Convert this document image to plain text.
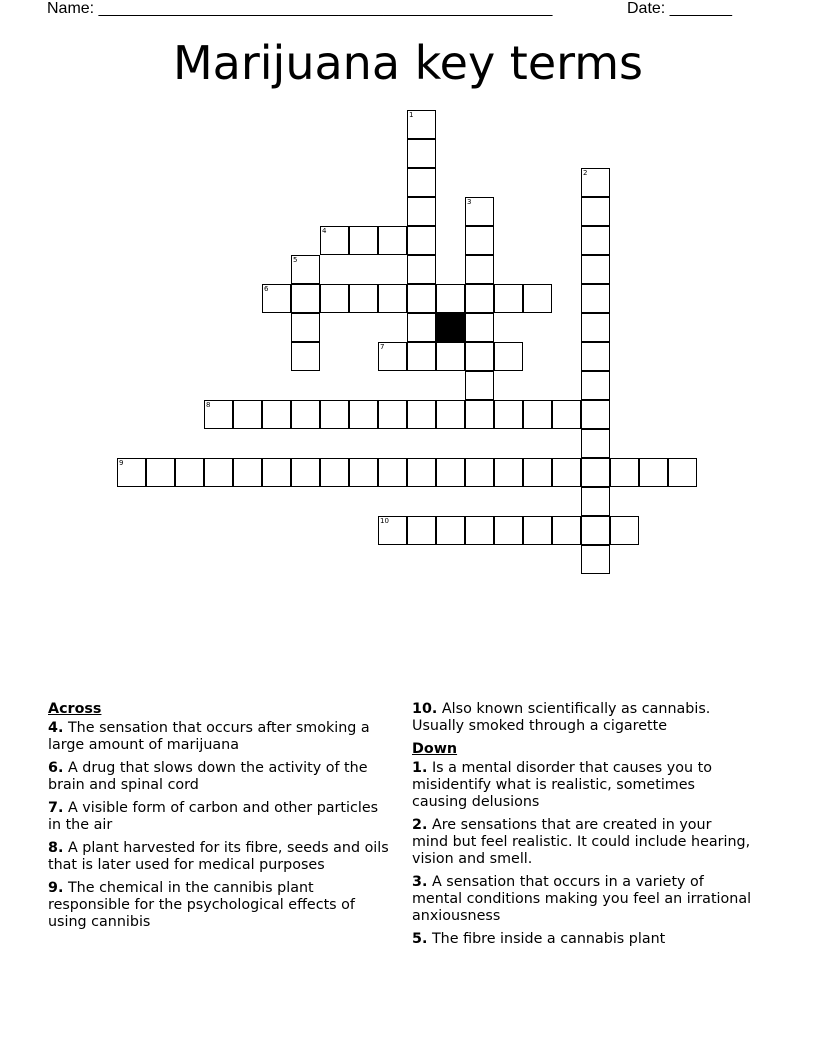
Name: ___________________________________________________	Date: _______
Marijuana key terms
4
6
7
8
9
10
1
2
3
5
Across
4. The sensation that occurs after smoking a large amount of marijuana
6. A drug that slows down the activity of the brain and spinal cord
7. A visible form of carbon and other particles in the air
8. A plant harvested for its fibre, seeds and oils that is later used for medical purposes
9. The chemical in the cannibis plant responsible for the psychological effects of using cannibis
10. Also known scientifically as cannabis. Usually smoked through a cigarette
Down
1. Is a mental disorder that causes you to misidentify what is realistic, sometimes causing delusions
2. Are sensations that are created in your mind but feel realistic. It could include hearing, vision and smell.
3. A sensation that occurs in a variety of mental conditions making you feel an irrational anxiousness
5. The fibre inside a cannabis plant
